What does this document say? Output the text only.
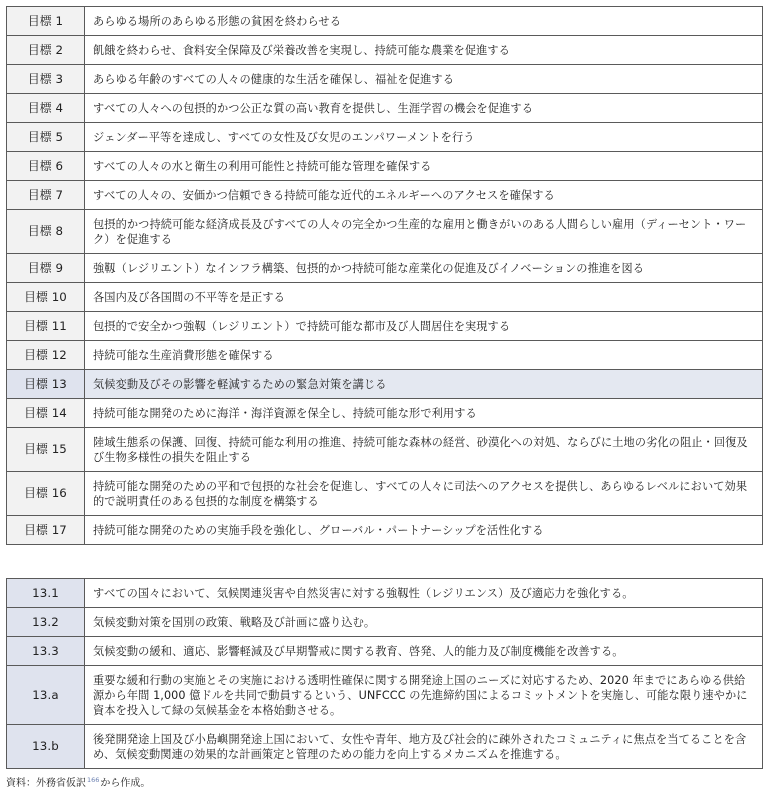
目標 1	あらゆる場所のあらゆる形態の貧困を終わらせる
目標 2	飢餓を終わらせ、食料安全保障及び栄養改善を実現し、持続可能な農業を促進する
目標 3	あらゆる年齢のすべての人々の健康的な生活を確保し、福祉を促進する
目標 4	すべての人々への包摂的かつ公正な質の高い教育を提供し、生涯学習の機会を促進する
目標 5	ジェンダー平等を達成し、すべての女性及び女児のエンパワーメントを行う
目標 6	すべての人々の水と衛生の利用可能性と持続可能な管理を確保する
目標 7	すべての人々の、安価かつ信頼できる持続可能な近代的エネルギーへのアクセスを確保する
目標 8	包摂的かつ持続可能な経済成長及びすべての人々の完全かつ生産的な雇用と働きがいのある人間らしい雇用（ディーセント・ワーク）を促進する
目標 9	強靱（レジリエント）なインフラ構築、包摂的かつ持続可能な産業化の促進及びイノベーションの推進を図る
目標 10	各国内及び各国間の不平等を是正する
目標 11	包摂的で安全かつ強靱（レジリエント）で持続可能な都市及び人間居住を実現する
目標 12	持続可能な生産消費形態を確保する
目標 13	気候変動及びその影響を軽減するための緊急対策を講じる
目標 14	持続可能な開発のために海洋・海洋資源を保全し、持続可能な形で利用する
目標 15	陸域生態系の保護、回復、持続可能な利用の推進、持続可能な森林の経営、砂漠化への対処、ならびに土地の劣化の阻止・回復及び生物多様性の損失を阻止する
目標 16	持続可能な開発のための平和で包摂的な社会を促進し、すべての人々に司法へのアクセスを提供し、あらゆるレベルにおいて効果的で説明責任のある包摂的な制度を構築する
目標 17	持続可能な開発のための実施手段を強化し、グローバル・パートナーシップを活性化する
13.1	すべての国々において、気候関連災害や自然災害に対する強靱性（レジリエンス）及び適応力を強化する。
13.2	気候変動対策を国別の政策、戦略及び計画に盛り込む。
13.3	気候変動の緩和、適応、影響軽減及び早期警戒に関する教育、啓発、人的能力及び制度機能を改善する。
13.a	重要な緩和行動の実施とその実施における透明性確保に関する開発途上国のニーズに対応するため、2020 年までにあらゆる供給源から年間 1,000 億ドルを共同で動員するという、UNFCCC の先進締約国によるコミットメントを実施し、可能な限り速やかに資本を投入して緑の気候基金を本格始動させる。
13.b	後発開発途上国及び小島嶼開発途上国において、女性や青年、地方及び社会的に疎外されたコミュニティに焦点を当てることを含め、気候変動関連の効果的な計画策定と管理のための能力を向上するメカニズムを推進する。
資料：外務省仮訳$^{166}$から作成。
